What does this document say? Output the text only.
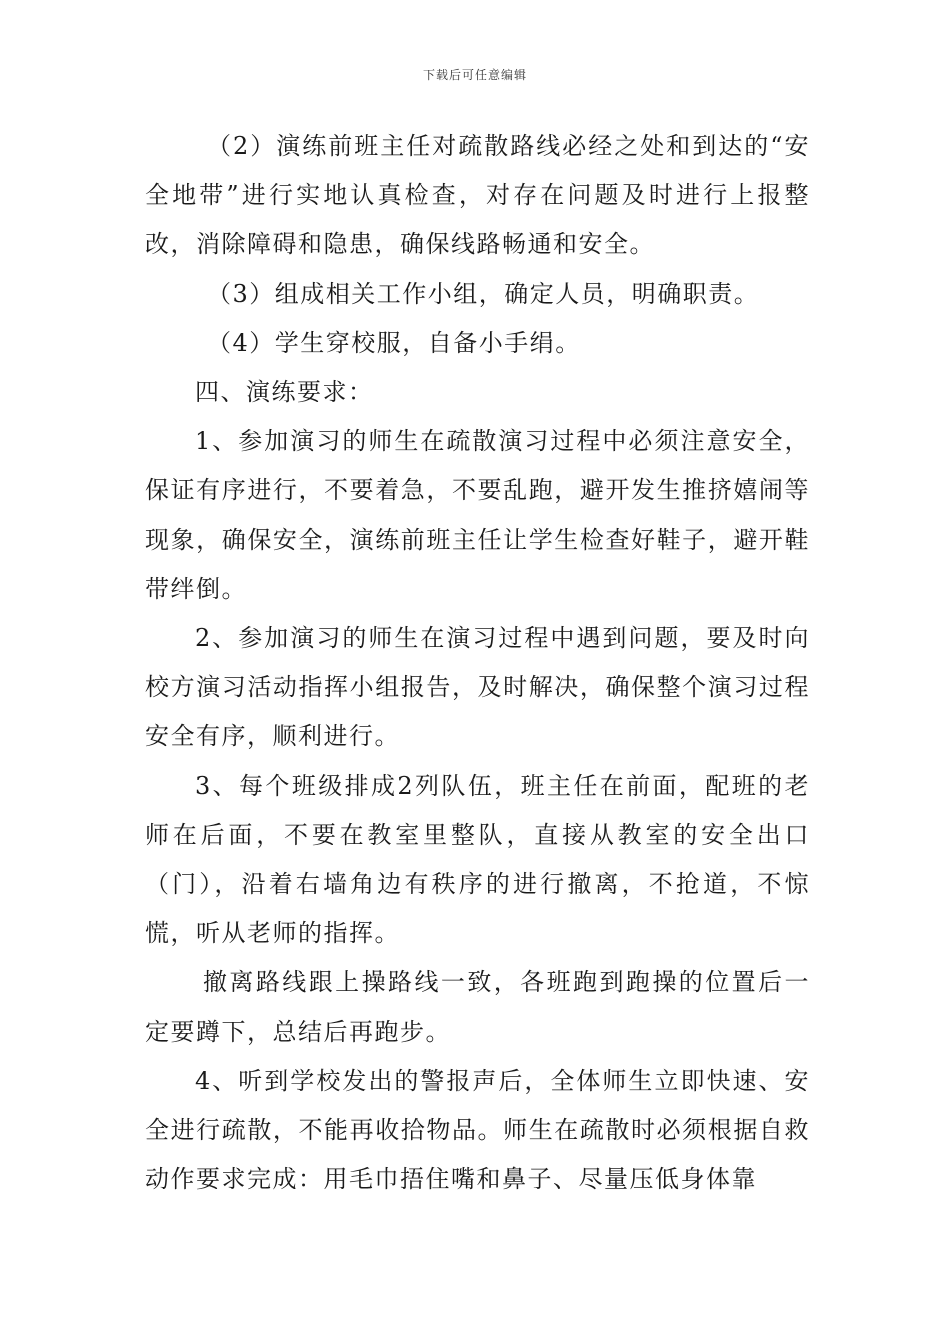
下载后可任意编辑

（2）演练前班主任对疏散路线必经之处和到达的“安全地带”进行实地认真检查，对存在问题及时进行上报整改，消除障碍和隐患，确保线路畅通和安全。

（3）组成相关工作小组，确定人员，明确职责。

（4）学生穿校服，自备小手绢。

四、演练要求：

1、参加演习的师生在疏散演习过程中必须注意安全，保证有序进行，不要着急，不要乱跑，避开发生推挤嬉闹等现象，确保安全，演练前班主任让学生检查好鞋子，避开鞋带绊倒。

2、参加演习的师生在演习过程中遇到问题，要及时向校方演习活动指挥小组报告，及时解决，确保整个演习过程安全有序，顺利进行。

3、每个班级排成2列队伍，班主任在前面，配班的老师在后面，不要在教室里整队，直接从教室的安全出口（门），沿着右墙角边有秩序的进行撤离，不抢道，不惊慌，听从老师的指挥。

撤离路线跟上操路线一致，各班跑到跑操的位置后一定要蹲下，总结后再跑步。

4、听到学校发出的警报声后，全体师生立即快速、安全进行疏散，不能再收拾物品。师生在疏散时必须根据自救动作要求完成：用毛巾捂住嘴和鼻子、尽量压低身体靠
